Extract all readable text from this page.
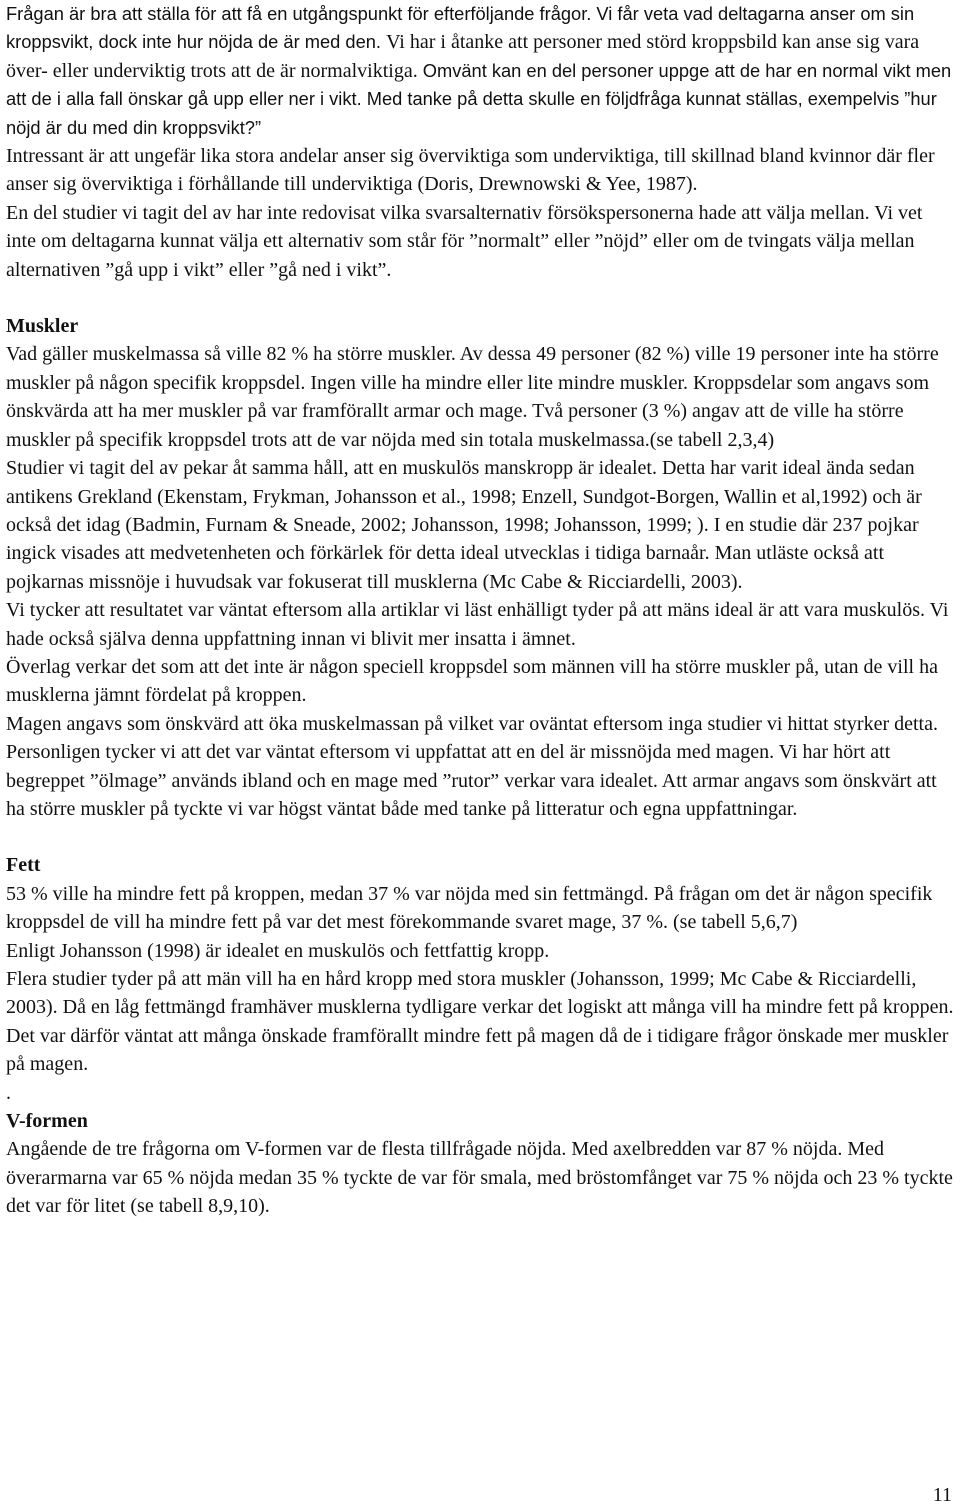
Frågan är bra att ställa för att få en utgångspunkt för efterföljande frågor. Vi får veta vad deltagarna anser om sin kroppsvikt, dock inte hur nöjda de är med den. Vi har i åtanke att personer med störd kroppsbild kan anse sig vara över- eller underviktig trots att de är normalviktiga. Omvänt kan en del personer uppge att de har en normal vikt men att de i alla fall önskar gå upp eller ner i vikt. Med tanke på detta skulle en följdfråga kunnat ställas, exempelvis ”hur nöjd är du med din kroppsvikt?”

Intressant är att ungefär lika stora andelar anser sig överviktiga som underviktiga, till skillnad bland kvinnor där fler anser sig överviktiga i förhållande till underviktiga (Doris, Drewnowski & Yee, 1987).

En del studier vi tagit del av har inte redovisat vilka svarsalternativ försökspersonerna hade att välja mellan. Vi vet inte om deltagarna kunnat välja ett alternativ som står för ”normalt” eller ”nöjd” eller om de tvingats välja mellan alternativen ”gå upp i vikt” eller ”gå ned i vikt”.

Muskler

Vad gäller muskelmassa så ville 82 % ha större muskler. Av dessa 49 personer (82 %) ville 19 personer inte ha större muskler på någon specifik kroppsdel. Ingen ville ha mindre eller lite mindre muskler. Kroppsdelar som angavs som önskvärda att ha mer muskler på var framförallt armar och mage. Två personer (3 %) angav att de ville ha större muskler på specifik kroppsdel trots att de var nöjda med sin totala muskelmassa.(se tabell 2,3,4)

Studier vi tagit del av pekar åt samma håll, att en muskulös manskropp är idealet. Detta har varit ideal ända sedan antikens Grekland (Ekenstam, Frykman, Johansson et al., 1998; Enzell, Sundgot-Borgen, Wallin et al,1992) och är också det idag (Badmin, Furnam & Sneade, 2002; Johansson, 1998; Johansson, 1999; ). I en studie där 237 pojkar ingick visades att medvetenheten och förkärlek för detta ideal utvecklas i tidiga barnaår. Man utläste också att pojkarnas missnöje i huvudsak var fokuserat till musklerna (Mc Cabe & Ricciardelli, 2003).

Vi tycker att resultatet var väntat eftersom alla artiklar vi läst enhälligt tyder på att mäns ideal är att vara muskulös. Vi hade också själva denna uppfattning innan vi blivit mer insatta i ämnet.

Överlag verkar det som att det inte är någon speciell kroppsdel som männen vill ha större muskler på, utan de vill ha musklerna jämnt fördelat på kroppen.

Magen angavs som önskvärd att öka muskelmassan på vilket var oväntat eftersom inga studier vi hittat styrker detta. Personligen tycker vi att det var väntat eftersom vi uppfattat att en del är missnöjda med magen. Vi har hört att begreppet ”ölmage” används ibland och en mage med ”rutor” verkar vara idealet. Att armar angavs som önskvärt att ha större muskler på tyckte vi var högst väntat både med tanke på litteratur och egna uppfattningar.

Fett

53 % ville ha mindre fett på kroppen, medan 37 % var nöjda med sin fettmängd. På frågan om det är någon specifik kroppsdel de vill ha mindre fett på var det mest förekommande svaret mage, 37 %. (se tabell 5,6,7)

Enligt Johansson (1998) är idealet en muskulös och fettfattig kropp.

Flera studier tyder på att män vill ha en hård kropp med stora muskler (Johansson, 1999; Mc Cabe & Ricciardelli, 2003). Då en låg fettmängd framhäver musklerna tydligare verkar det logiskt att många vill ha mindre fett på kroppen. Det var därför väntat att många önskade framförallt mindre fett på magen då de i tidigare frågor önskade mer muskler på magen.

.

V-formen

Angående de tre frågorna om V-formen var de flesta tillfrågade nöjda. Med axelbredden var 87 % nöjda. Med överarmarna var 65 % nöjda medan 35 % tyckte de var för smala, med bröstomfånget var 75 % nöjda och 23 % tyckte det var för litet (se tabell 8,9,10).

11
